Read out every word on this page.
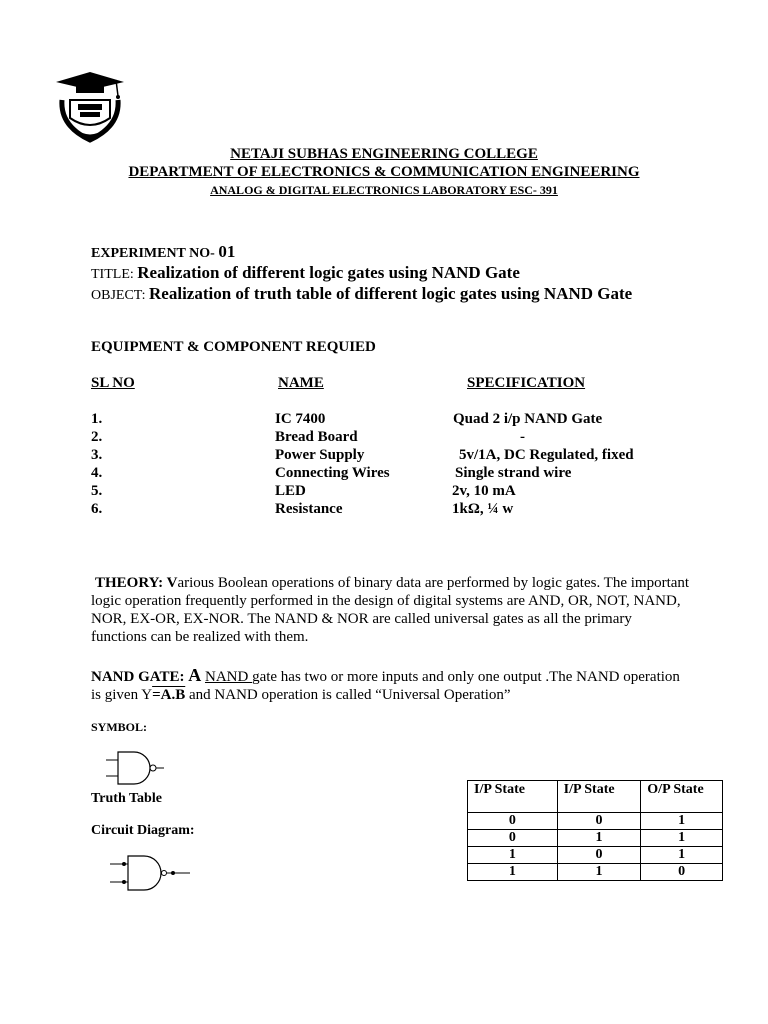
NETAJI SUBHAS ENGINEERING COLLEGE
DEPARTMENT OF ELECTRONICS & COMMUNICATION ENGINEERING
ANALOG & DIGITAL ELECTRONICS LABORATORY ESC- 391
EXPERIMENT NO- 01
TITLE: Realization of different logic gates using NAND Gate
OBJECT: Realization of truth table of different logic gates using NAND Gate
EQUIPMENT & COMPONENT REQUIED
SL NO	NAME	SPECIFICATION
1.	IC 7400	Quad 2 i/p NAND Gate
2.	Bread Board	-
3.	Power Supply	5v/1A, DC Regulated, fixed
4.	Connecting Wires	Single strand wire
5.	LED	2v, 10 mA
6.	Resistance	1kΩ, ¼ w
THEORY: Various Boolean operations of binary data are performed by logic gates. The important logic operation frequently performed in the design of digital systems are AND, OR, NOT, NAND, NOR, EX-OR, EX-NOR. The NAND & NOR are called universal gates as all the primary functions can be realized with them.
NAND GATE: A NAND gate has two or more inputs and only one output .The NAND operation is given Y=A.B and NAND operation is called “Universal Operation”
SYMBOL:
Truth Table
Circuit Diagram:
I/P State	I/P State	O/P State
0	0	1
0	1	1
1	0	1
1	1	0
